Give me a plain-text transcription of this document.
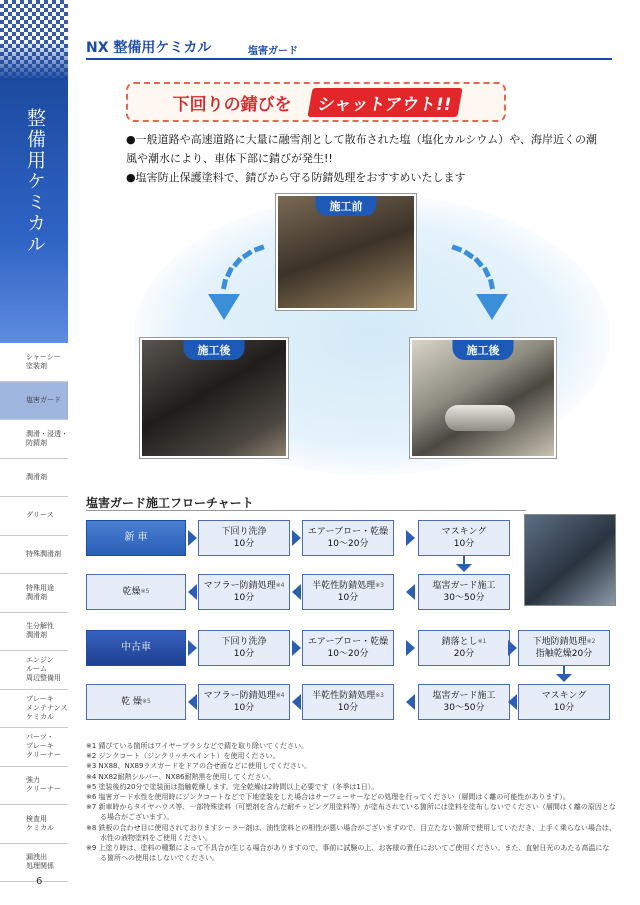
整備用ケミカル
シャーシー
塗装剤
塩害ガード
潤滑・浸透・
防錆剤
潤滑剤
グリース
特殊潤滑剤
特殊用途
潤滑剤
生分解性
潤滑剤
エンジン
ルーム
周辺整備用
ブレーキ
メンテナンス
ケミカル
パーツ・
ブレーキ
クリーナー
強力
クリーナー
検査用
ケミカル
漏洩出
処理関係
6
NX 整備用ケミカル	塩害ガード
下回りの錆びを	シャットアウト!!
●一般道路や高速道路に大量に融雪剤として散布された塩（塩化カルシウム）や、海岸近くの潮風や潮水により、車体下部に錆びが発生!!
●塩害防止保護塗料で、錆びから守る防錆処理をおすすめいたします
施工前
施工後	施工後
塩害ガード施工フローチャート
新 車	下回り洗浄
10分
エアーブロー・乾燥
10～20分
マスキング
10分
乾燥$^{※5}$
マフラー防錆処理$^{※4}$
10分
半乾性防錆処理$^{※3}$
10分
塩害ガード施工
30～50分
中古車	下回り洗浄
10分
エアーブロー・乾燥
10～20分
錆落とし$^{※1}$
20分
下地防錆処理$^{※2}$
指触乾燥20分
乾 燥$^{※5}$
マフラー防錆処理$^{※4}$
10分
半乾性防錆処理$^{※3}$
10分
塩害ガード施工
30～50分
マスキング
10分
※1 錆びている箇所はワイヤーブラシなどで錆を取り除いてください。
※2 ジンクコート（ジンクリッチペイント）を使用ください。
※3 NX88、NX89ラスガードをドアの合せ面などに使用してください。
※4 NX82耐熱シルバー、NX86耐熱黒を使用してください。
※5 塗装後約20分で塗装面は指触乾燥します。完全乾燥は2時間以上必要です（冬季は1日）。
※6 塩害ガード水性を使用時にジンクコートなどで下地塗装をした場合はサーフェーサーなどの処理を行ってください（層間はく離の可能性があります）。
※7 新車時からタイヤハウス等、一部特殊塗料（可塑剤を含んだ耐チッピング用塗料等）が塗布されている箇所には塗料を塗布しないでください（層間はく離の原因となる場合がございます）。
※8 鉄板の合わせ目に使用されておりますシーラー剤は、油性塗料との相性が悪い場合がございますので、目立たない箇所で使用していただき、上手く乗らない場合は、水性の液物塗料をご使用ください。
※9 上塗り時は、塗料の種類によって不具合が生じる場合がありますので、事前に試験の上、お客様の責任においてご使用ください。また、直射日光のあたる高温になる箇所への使用はしないでください。
